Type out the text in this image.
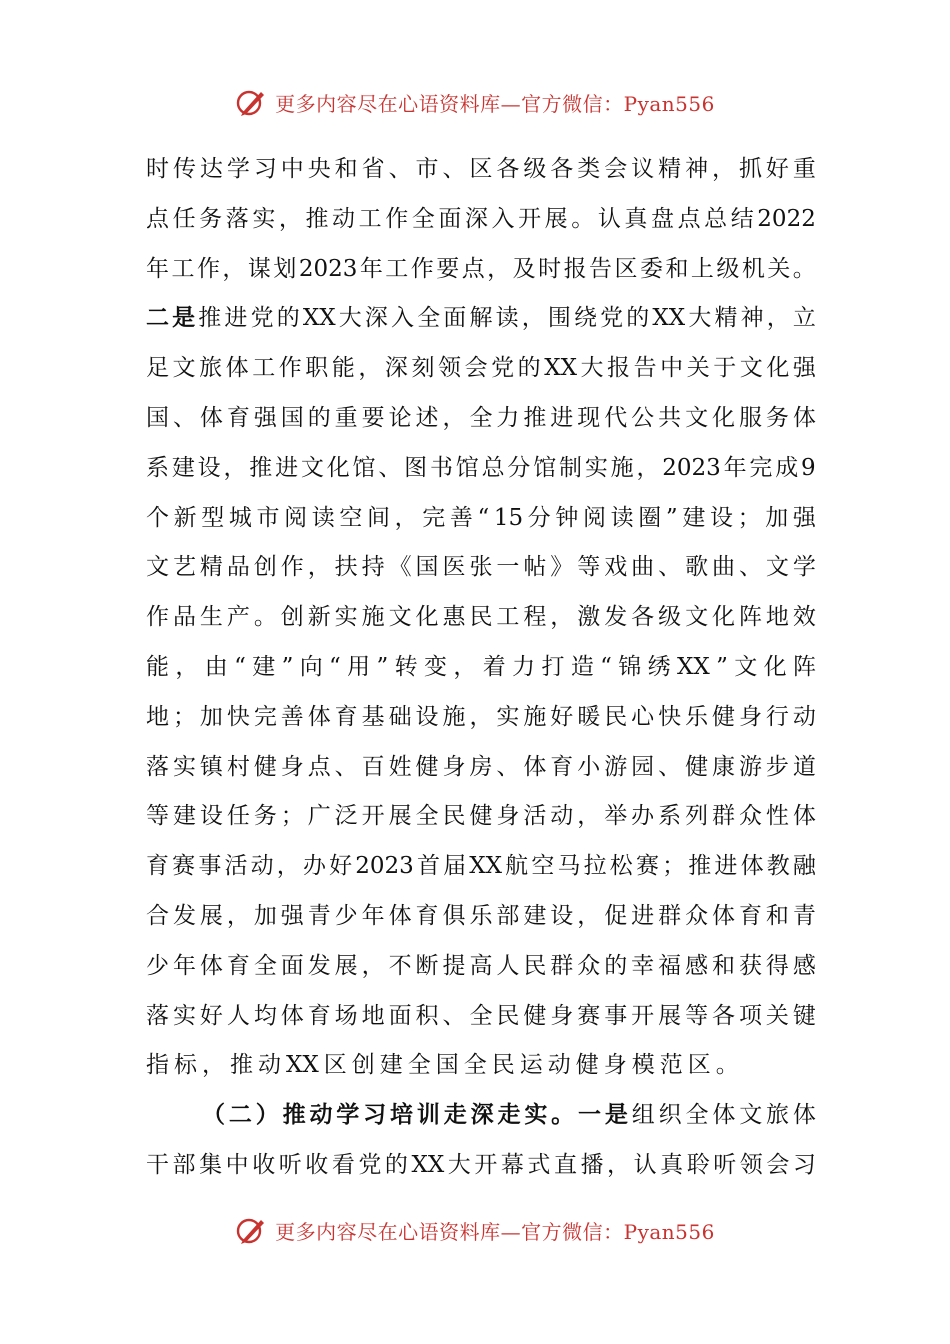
更多内容尽在心语资料库—官方微信：Pyan556
时 传 达 学 习 中 央 和 省 、 市 、 区 各 级 各 类 会 议 精 神 ， 抓 好 重
点 任 务 落 实 ， 推 动 工 作 全 面 深 入 开 展 。 认 真 盘 点 总 结 2022
年 工 作 ， 谋 划 2023 年 工 作 要 点 ， 及 时 报 告 区 委 和 上 级 机 关 。
二 是 推 进 党 的 XX 大 深 入 全 面 解 读 ， 围 绕 党 的 XX 大 精 神 ， 立
足 文 旅 体 工 作 职 能 ， 深 刻 领 会 党 的 XX 大 报 告 中 关 于 文 化 强
国 、 体 育 强 国 的 重 要 论 述 ， 全 力 推 进 现 代 公 共 文 化 服 务 体
系 建 设 ， 推 进 文 化 馆 、 图 书 馆 总 分 馆 制 实 施 ， 2023 年 完 成 9
个 新 型 城 市 阅 读 空 间 ， 完 善 “ 15 分 钟 阅 读 圈 ” 建 设 ； 加 强
文 艺 精 品 创 作 ， 扶 持 《 国 医 张 一 帖 》 等 戏 曲 、 歌 曲 、 文 学
作 品 生 产 。 创 新 实 施 文 化 惠 民 工 程 ， 激 发 各 级 文 化 阵 地 效
能 ， 由 “ 建 ” 向 “ 用 ” 转 变 ， 着 力 打 造 “ 锦 绣 XX ” 文 化 阵
地 ； 加 快 完 善 体 育 基 础 设 施 ， 实 施 好 暖 民 心 快 乐 健 身 行 动
落 实 镇 村 健 身 点 、 百 姓 健 身 房 、 体 育 小 游 园 、 健 康 游 步 道
等 建 设 任 务 ； 广 泛 开 展 全 民 健 身 活 动 ， 举 办 系 列 群 众 性 体
育 赛 事 活 动 ， 办 好 2023 首 届 XX 航 空 马 拉 松 赛 ； 推 进 体 教 融
合 发 展 ， 加 强 青 少 年 体 育 俱 乐 部 建 设 ， 促 进 群 众 体 育 和 青
少 年 体 育 全 面 发 展 ， 不 断 提 高 人 民 群 众 的 幸 福 感 和 获 得 感
落 实 好 人 均 体 育 场 地 面 积 、 全 民 健 身 赛 事 开 展 等 各 项 关 键
指 标 ， 推 动 XX 区 创 建 全 国 全 民 运 动 健 身 模 范 区 。
（ 二 ） 推 动 学 习 培 训 走 深 走 实 。 一 是 组 织 全 体 文 旅 体
干 部 集 中 收 听 收 看 党 的 XX 大 开 幕 式 直 播 ， 认 真 聆 听 领 会 习
更多内容尽在心语资料库—官方微信：Pyan556
